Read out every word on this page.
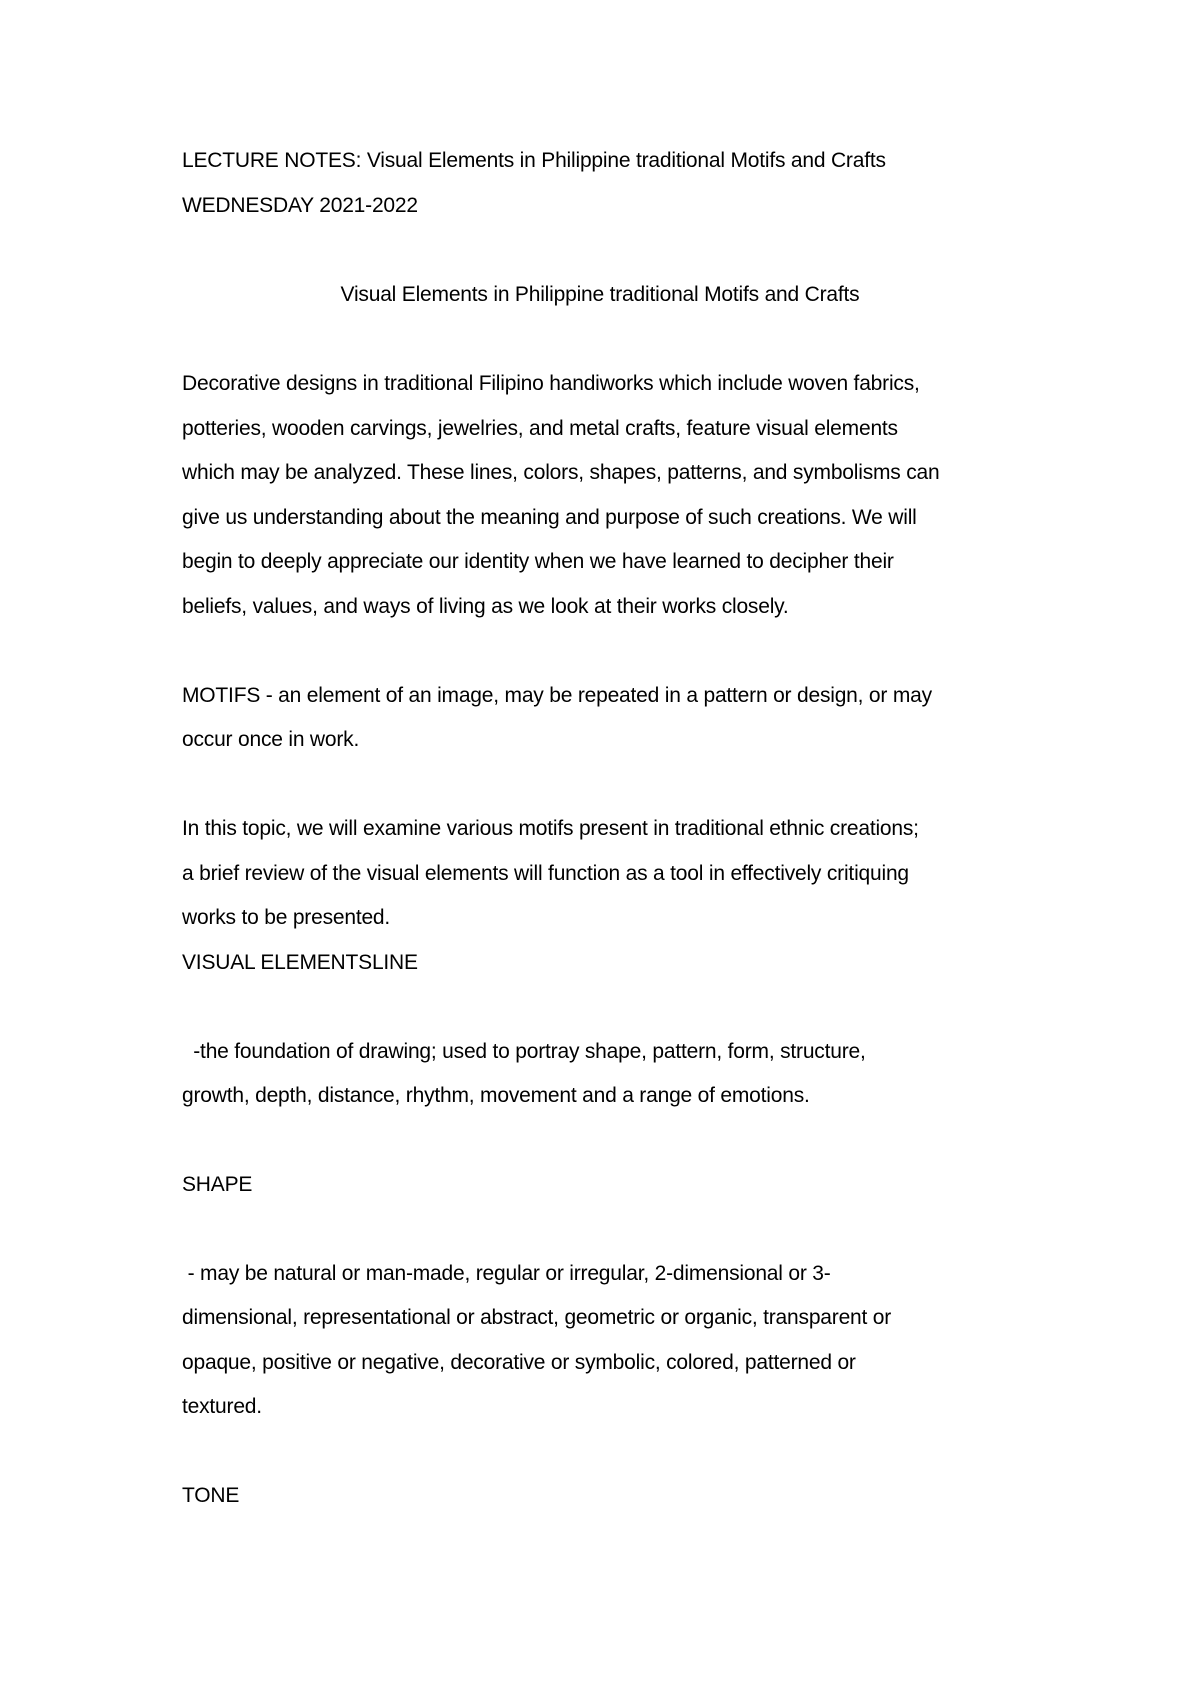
LECTURE NOTES: Visual Elements in Philippine traditional Motifs and Crafts

WEDNESDAY 2021-2022

Visual Elements in Philippine traditional Motifs and Crafts

Decorative designs in traditional Filipino handiworks which include woven fabrics,

potteries, wooden carvings, jewelries, and metal crafts, feature visual elements

which may be analyzed. These lines, colors, shapes, patterns, and symbolisms can

give us understanding about the meaning and purpose of such creations. We will

begin to deeply appreciate our identity when we have learned to decipher their

beliefs, values, and ways of living as we look at their works closely.

MOTIFS - an element of an image, may be repeated in a pattern or design, or may

occur once in work.

In this topic, we will examine various motifs present in traditional ethnic creations;

a brief review of the visual elements will function as a tool in effectively critiquing

works to be presented.

VISUAL ELEMENTSLINE

-the foundation of drawing; used to portray shape, pattern, form, structure,

growth, depth, distance, rhythm, movement and a range of emotions.

SHAPE

- may be natural or man-made, regular or irregular, 2-dimensional or 3-

dimensional, representational or abstract, geometric or organic, transparent or

opaque, positive or negative, decorative or symbolic, colored, patterned or

textured.

TONE
